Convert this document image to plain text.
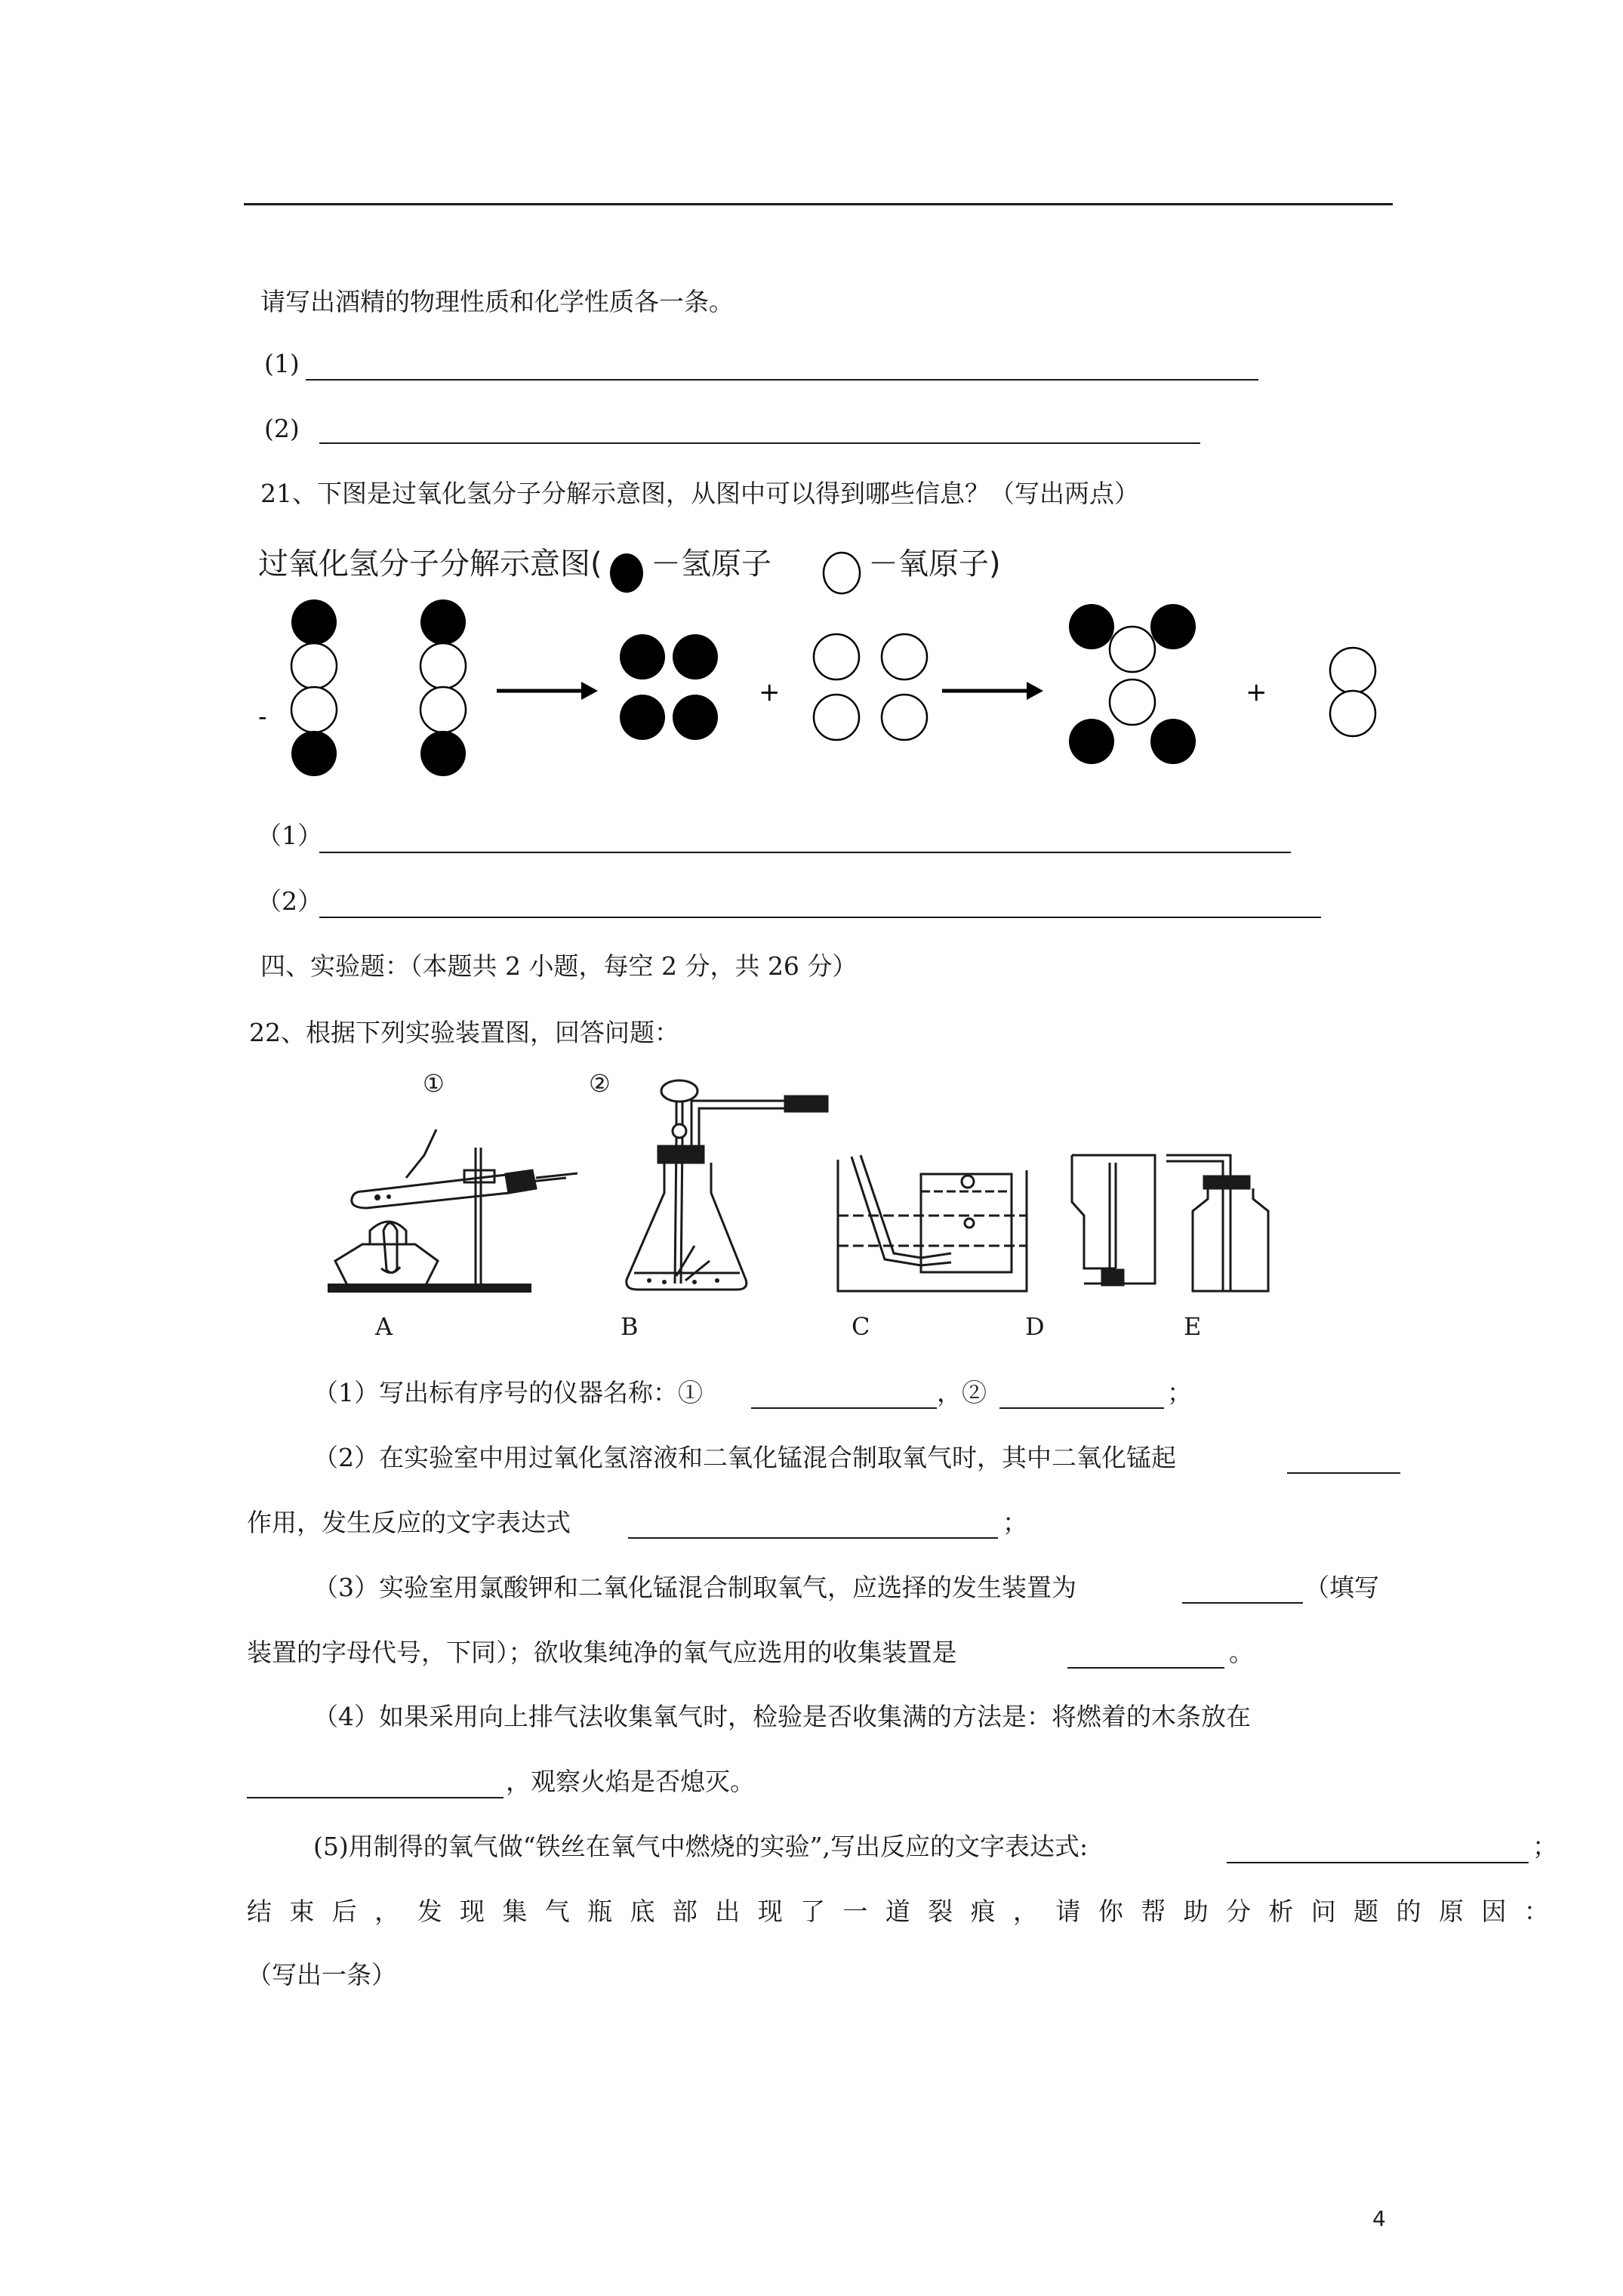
请写出酒精的物理性质和化学性质各一条。
(1)
(2)
21、下图是过氧化氢分子分解示意图，从图中可以得到哪些信息？（写出两点）
过氧化氢分子分解示意图( －氢原子	－氧原子)
-
+	+
（1）
（2）
四、实验题：（本题共 2 小题，每空 2 分，共 26 分）
22、根据下列实验装置图，回答问题：
①	②
A	B	C	D	E
（1）写出标有序号的仪器名称：①	，②	；
（2）在实验室中用过氧化氢溶液和二氧化锰混合制取氧气时，其中二氧化锰起
作用，发生反应的文字表达式	；
（3）实验室用氯酸钾和二氧化锰混合制取氧气，应选择的发生装置为	（填写
装置的字母代号，下同）；欲收集纯净的氧气应选用的收集装置是	。
（4）如果采用向上排气法收集氧气时，检验是否收集满的方法是：将燃着的木条放在
，观察火焰是否熄灭。
(5)用制得的氧气做“铁丝在氧气中燃烧的实验”,写出反应的文字表达式:	；
结 束 后 ， 发 现 集 气 瓶 底 部 出 现 了 一 道 裂 痕 ， 请 你 帮 助 分 析 问 题 的 原 因 ：
（写出一条）
4
